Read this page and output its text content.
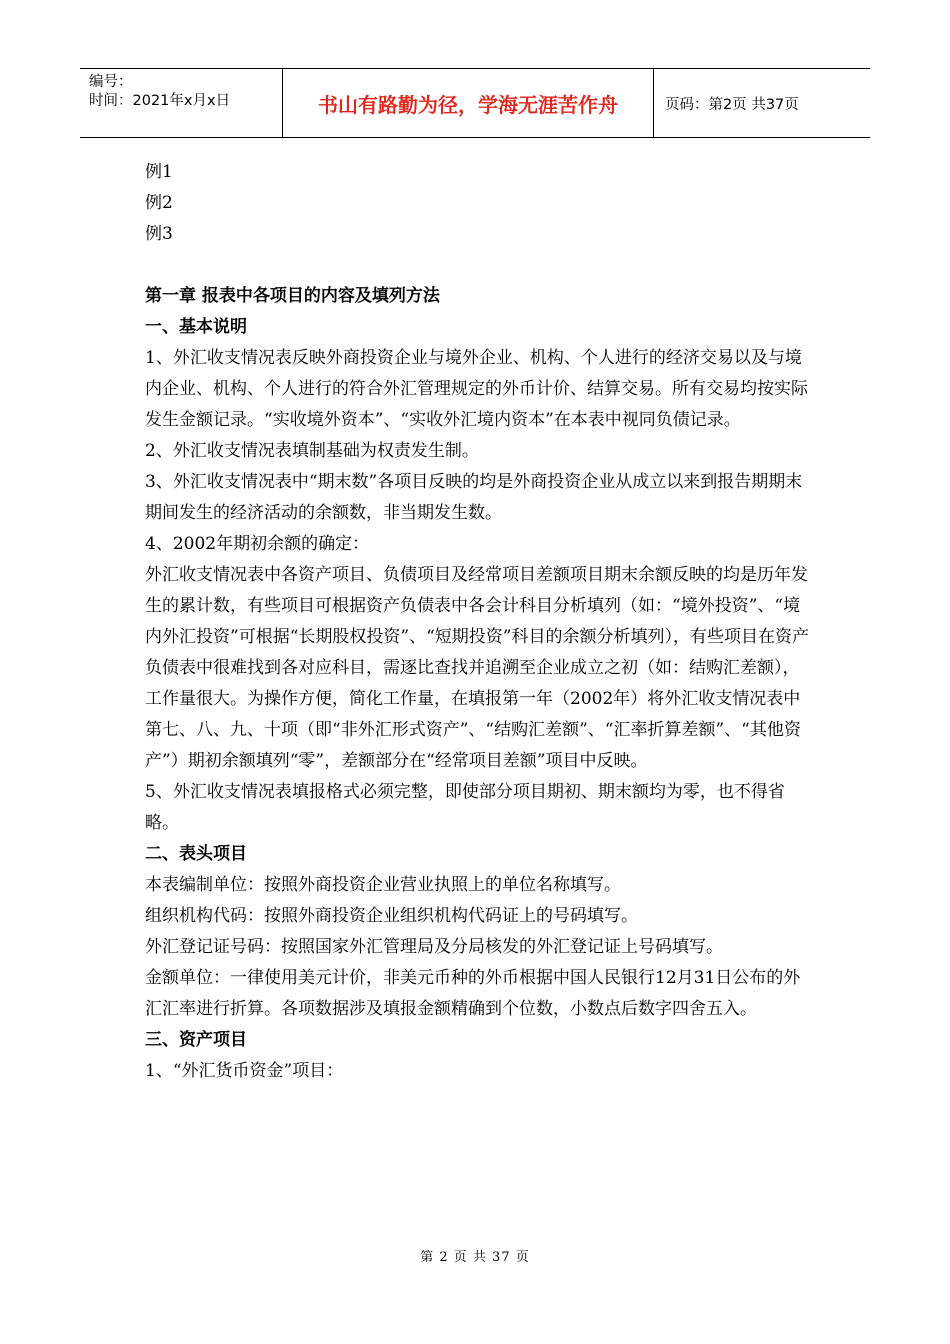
编号：
时间：2021年x月x日	书山有路勤为径，学海无涯苦作舟	页码：第2页 共37页

例1

例2

例3

第一章 报表中各项目的内容及填列方法

一、基本说明

1、外汇收支情况表反映外商投资企业与境外企业、机构、个人进行的经济交易以及与境内企业、机构、个人进行的符合外汇管理规定的外币计价、结算交易。所有交易均按实际发生金额记录。“实收境外资本”、“实收外汇境内资本”在本表中视同负债记录。

2、外汇收支情况表填制基础为权责发生制。

3、外汇收支情况表中“期末数”各项目反映的均是外商投资企业从成立以来到报告期期末期间发生的经济活动的余额数，非当期发生数。

4、2002年期初余额的确定：

外汇收支情况表中各资产项目、负债项目及经常项目差额项目期末余额反映的均是历年发生的累计数，有些项目可根据资产负债表中各会计科目分析填列（如：“境外投资”、“境内外汇投资”可根据“长期股权投资”、“短期投资”科目的余额分析填列），有些项目在资产负债表中很难找到各对应科目，需逐比查找并追溯至企业成立之初（如：结购汇差额），工作量很大。为操作方便，简化工作量，在填报第一年（2002年）将外汇收支情况表中第七、八、九、十项（即“非外汇形式资产”、“结购汇差额”、“汇率折算差额”、“其他资产”）期初余额填列“零”，差额部分在“经常项目差额”项目中反映。

5、外汇收支情况表填报格式必须完整，即使部分项目期初、期末额均为零，也不得省略。

二、表头项目

本表编制单位：按照外商投资企业营业执照上的单位名称填写。

组织机构代码：按照外商投资企业组织机构代码证上的号码填写。

外汇登记证号码：按照国家外汇管理局及分局核发的外汇登记证上号码填写。

金额单位：一律使用美元计价，非美元币种的外币根据中国人民银行12月31日公布的外汇汇率进行折算。各项数据涉及填报金额精确到个位数，小数点后数字四舍五入。

三、资产项目

1、“外汇货币资金”项目：

第 2 页 共 37 页
